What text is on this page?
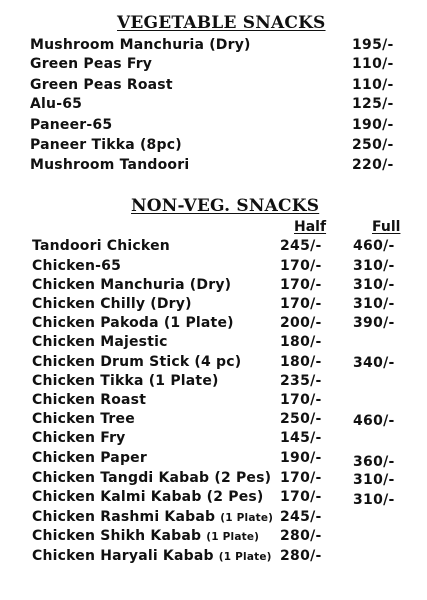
VEGETABLE SNACKS
Mushroom Manchuria (Dry)	195/-
Green Peas Fry	110/-
Green Peas Roast	110/-
Alu-65	125/-
Paneer-65	190/-
Paneer Tikka (8pc)	250/-
Mushroom Tandoori	220/-
NON-VEG. SNACKS
Half	Full
Tandoori Chicken	245/- 460/-
Chicken-65	170/- 310/-
Chicken Manchuria (Dry)	170/- 310/-
Chicken Chilly (Dry)	170/- 310/-
Chicken Pakoda (1 Plate)	200/- 390/-
Chicken Majestic	180/-
Chicken Drum Stick (4 pc)	180/- 340/-
Chicken Tikka (1 Plate)	235/-
Chicken Roast	170/-
Chicken Tree	250/- 460/-
Chicken Fry	145/-
Chicken Paper	190/- 360/-
Chicken Tangdi Kabab (2 Pes) 170/- 310/-
Chicken Kalmi Kabab (2 Pes) 170/- 310/-
Chicken Rashmi Kabab (1 Plate) 245/-
Chicken Shikh Kabab (1 Plate) 280/-
Chicken Haryali Kabab (1 Plate) 280/-
